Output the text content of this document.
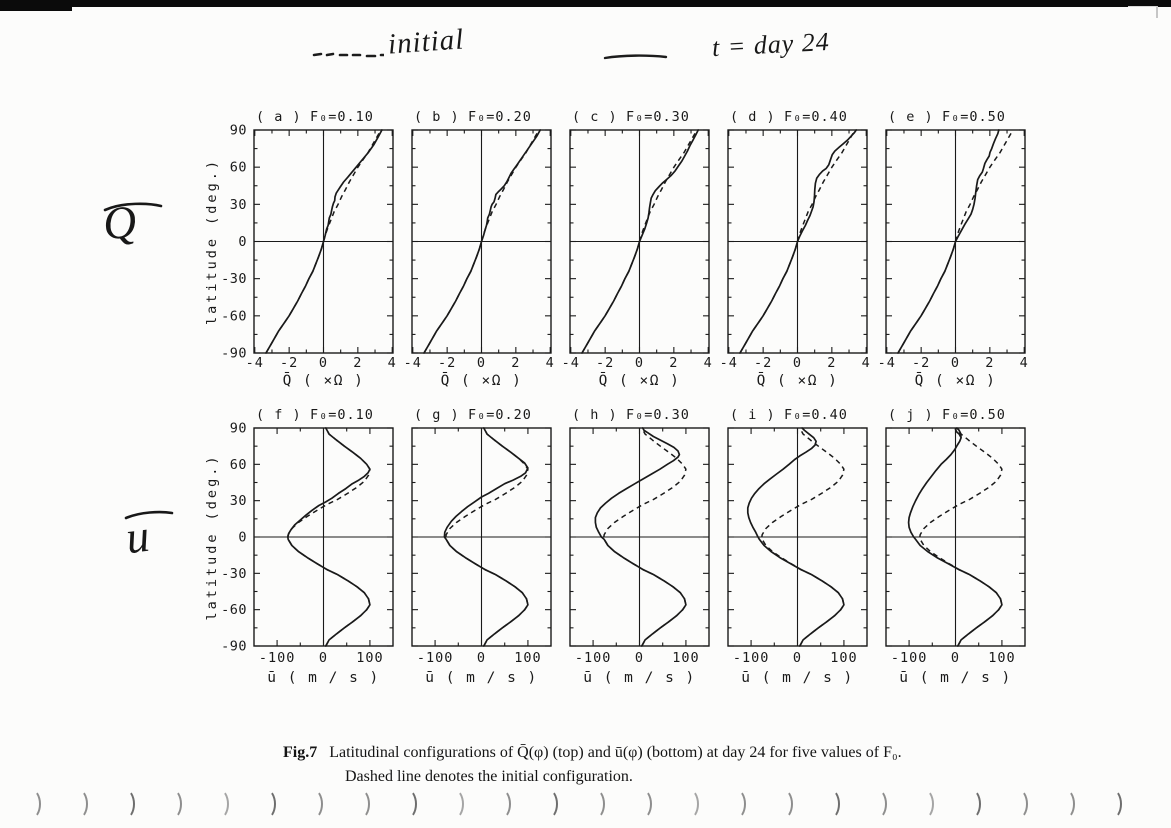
initial	t = day 24
Q
u
-4 -2 0 2 4
Q̄ ( ×Ω )
( a ) F₀=0.10
90
60
30
0
-30
-60
-90
latitude (deg.)
-4 -2 0 2 4
Q̄ ( ×Ω )
( b ) F₀=0.20
-4 -2 0 2 4
Q̄ ( ×Ω )
( c ) F₀=0.30
-4 -2 0 2 4
Q̄ ( ×Ω )
( d ) F₀=0.40
-4 -2 0 2 4
Q̄ ( ×Ω )
( e ) F₀=0.50
-100 0 100
ū ( m / s )
( f ) F₀=0.10
90
60
30
0
-30
-60
-90
latitude (deg.)
-100 0 100
ū ( m / s )
( g ) F₀=0.20
-100 0 100
ū ( m / s )
( h ) F₀=0.30
-100 0 100
ū ( m / s )
( i ) F₀=0.40
-100 0 100
ū ( m / s )
( j ) F₀=0.50
Fig.7 Latitudinal configurations of Q̄(φ) (top) and ū(φ) (bottom) at day 24 for five values of F₀.
Dashed line denotes the initial configuration.
